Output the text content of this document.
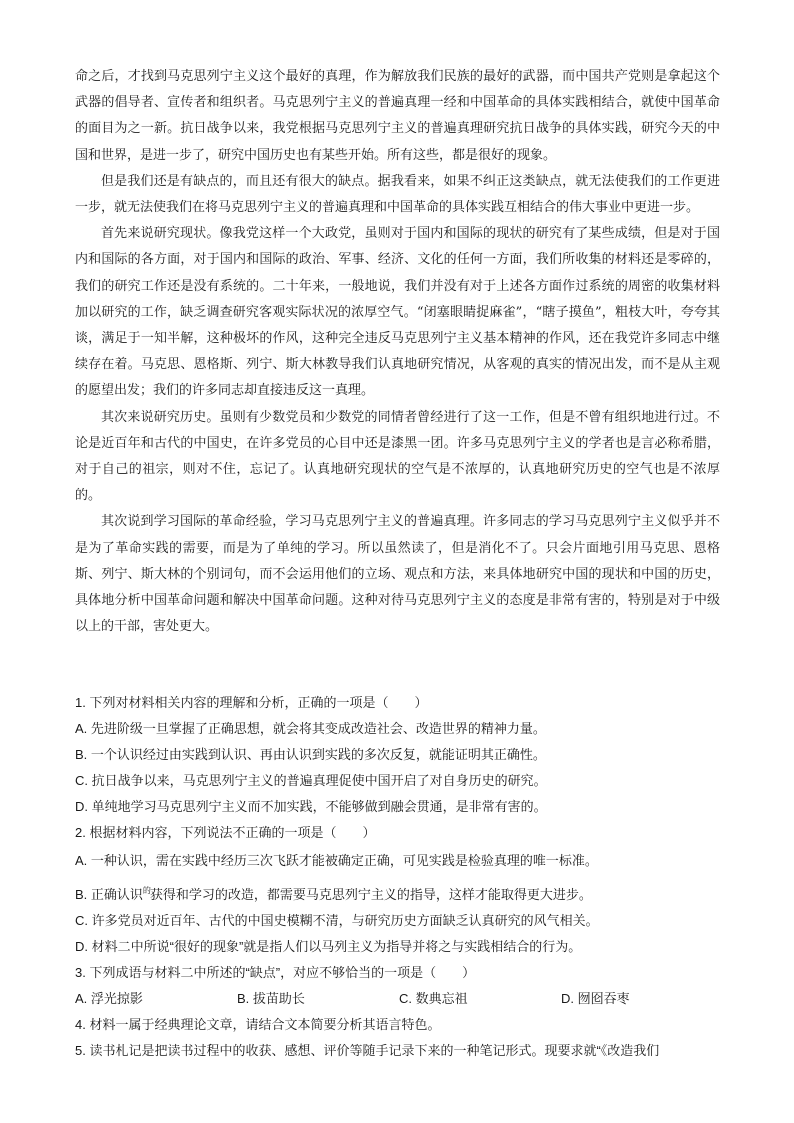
命之后，才找到马克思列宁主义这个最好的真理，作为解放我们民族的最好的武器，而中国共产党则是拿起这个武器的倡导者、宣传者和组织者。马克思列宁主义的普遍真理一经和中国革命的具体实践相结合，就使中国革命的面目为之一新。抗日战争以来，我党根据马克思列宁主义的普遍真理研究抗日战争的具体实践，研究今天的中国和世界，是进一步了，研究中国历史也有某些开始。所有这些，都是很好的现象。

但是我们还是有缺点的，而且还有很大的缺点。据我看来，如果不纠正这类缺点，就无法使我们的工作更进一步，就无法使我们在将马克思列宁主义的普遍真理和中国革命的具体实践互相结合的伟大事业中更进一步。

首先来说研究现状。像我党这样一个大政党，虽则对于国内和国际的现状的研究有了某些成绩，但是对于国内和国际的各方面，对于国内和国际的政治、军事、经济、文化的任何一方面，我们所收集的材料还是零碎的，我们的研究工作还是没有系统的。二十年来，一般地说，我们并没有对于上述各方面作过系统的周密的收集材料加以研究的工作，缺乏调查研究客观实际状况的浓厚空气。“闭塞眼睛捉麻雀”，“瞎子摸鱼”，粗枝大叶，夸夸其谈，满足于一知半解，这种极坏的作风，这种完全违反马克思列宁主义基本精神的作风，还在我党许多同志中继续存在着。马克思、恩格斯、列宁、斯大林教导我们认真地研究情况，从客观的真实的情况出发，而不是从主观的愿望出发；我们的许多同志却直接违反这一真理。

其次来说研究历史。虽则有少数党员和少数党的同情者曾经进行了这一工作，但是不曾有组织地进行过。不论是近百年和古代的中国史，在许多党员的心目中还是漆黑一团。许多马克思列宁主义的学者也是言必称希腊，对于自己的祖宗，则对不住，忘记了。认真地研究现状的空气是不浓厚的，认真地研究历史的空气也是不浓厚的。

其次说到学习国际的革命经验，学习马克思列宁主义的普遍真理。许多同志的学习马克思列宁主义似乎并不是为了革命实践的需要，而是为了单纯的学习。所以虽然读了，但是消化不了。只会片面地引用马克思、恩格斯、列宁、斯大林的个别词句，而不会运用他们的立场、观点和方法，来具体地研究中国的现状和中国的历史，具体地分析中国革命问题和解决中国革命问题。这种对待马克思列宁主义的态度是非常有害的，特别是对于中级以上的干部，害处更大。

1. 下列对材料相关内容的理解和分析，正确的一项是（　　）

A. 先进阶级一旦掌握了正确思想，就会将其变成改造社会、改造世界的精神力量。

B. 一个认识经过由实践到认识、再由认识到实践的多次反复，就能证明其正确性。

C. 抗日战争以来，马克思列宁主义的普遍真理促使中国开启了对自身历史的研究。

D. 单纯地学习马克思列宁主义而不加实践，不能够做到融会贯通，是非常有害的。

2. 根据材料内容，下列说法不正确的一项是（　　）

A. 一种认识，需在实践中经历三次飞跃才能被确定正确，可见实践是检验真理的唯一标准。

B. 正确认识$^的$获得和学习的改造，都需要马克思列宁主义的指导，这样才能取得更大进步。

C. 许多党员对近百年、古代的中国史模糊不清，与研究历史方面缺乏认真研究的风气相关。

D. 材料二中所说“很好的现象”就是指人们以马列主义为指导并将之与实践相结合的行为。

3. 下列成语与材料二中所述的“缺点”，对应不够恰当的一项是（　　）

A. 浮光掠影	B. 拔苗助长	C. 数典忘祖	D. 囫囵吞枣

4. 材料一属于经典理论文章，请结合文本简要分析其语言特色。

5. 读书札记是把读书过程中的收获、感想、评价等随手记录下来的一种笔记形式。现要求就“《改造我们
